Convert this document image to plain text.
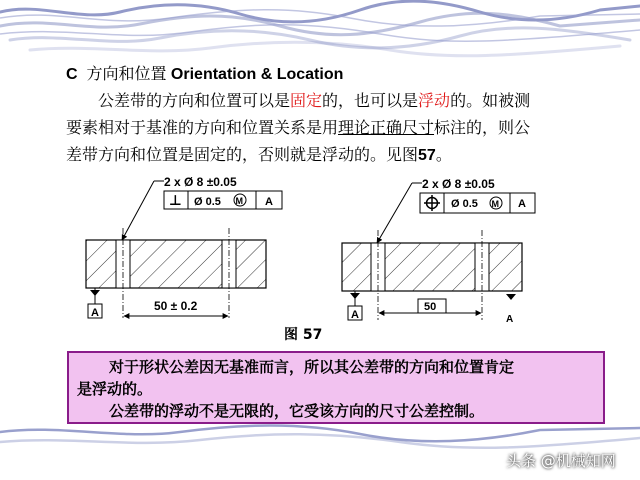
C 方向和位置 Orientation & Location
公差带的方向和位置可以是固定的，也可以是浮动的。如被测
要素相对于基准的方向和位置关系是用理论正确尺寸标注的，则公
差带方向和位置是固定的，否则就是浮动的。见图57。
2 x Ø 8 ±0.05
⊥ Ø 0.5 M A
A	50 ± 0.2
2 x Ø 8 ±0.05
Ø 0.5 M A
A	A
50
图 57
对于形状公差因无基准而言，所以其公差带的方向和位置肯定
是浮动的。
公差带的浮动不是无限的，它受该方向的尺寸公差控制。
头条 @机械知网
